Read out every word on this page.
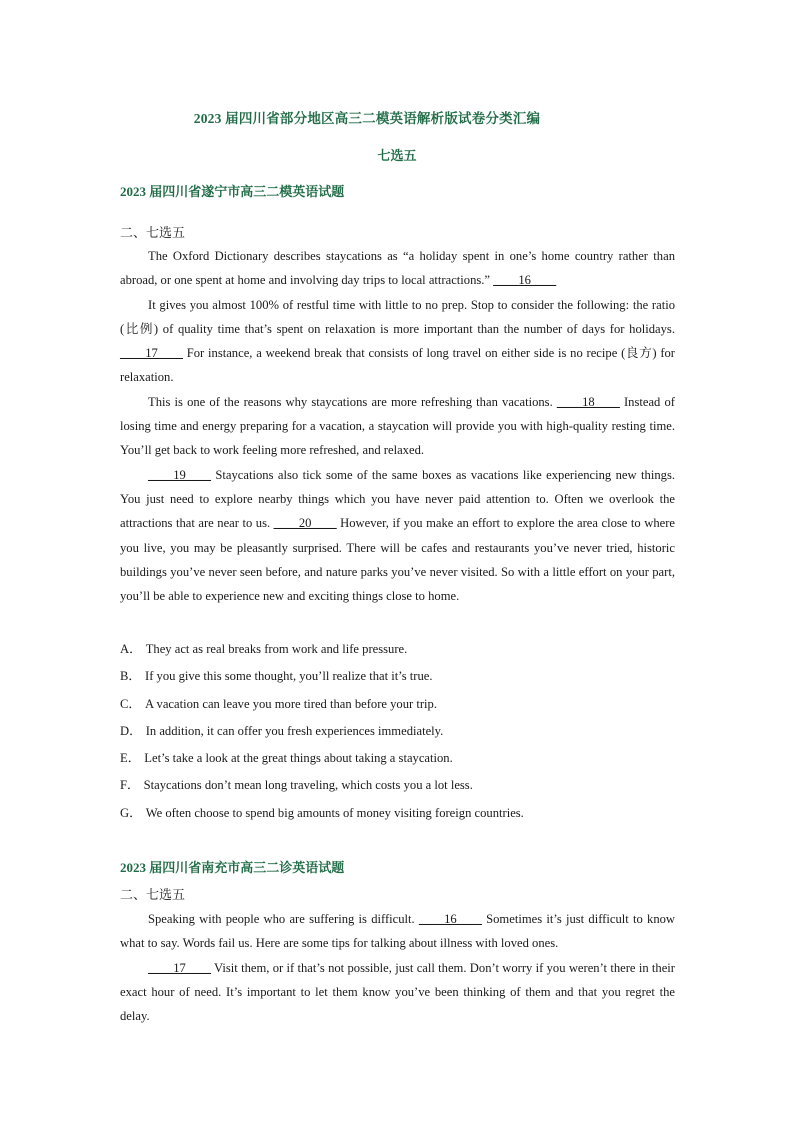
2023 届四川省部分地区高三二模英语解析版试卷分类汇编
七选五

2023 届四川省遂宁市高三二模英语试题

二、七选五

The Oxford Dictionary describes staycations as “a holiday spent in one’s home country rather than abroad, or one spent at home and involving day trips to local attractions.” ____16____

It gives you almost 100% of restful time with little to no prep. Stop to consider the following: the ratio (比例) of quality time that’s spent on relaxation is more important than the number of days for holidays. ____17____ For instance, a weekend break that consists of long travel on either side is no recipe (良方) for relaxation.

This is one of the reasons why staycations are more refreshing than vacations. ____18____ Instead of losing time and energy preparing for a vacation, a staycation will provide you with high-quality resting time. You’ll get back to work feeling more refreshed, and relaxed.

____19____ Staycations also tick some of the same boxes as vacations like experiencing new things. You just need to explore nearby things which you have never paid attention to. Often we overlook the attractions that are near to us. ____20____ However, if you make an effort to explore the area close to where you live, you may be pleasantly surprised. There will be cafes and restaurants you’ve never tried, historic buildings you’ve never seen before, and nature parks you’ve never visited. So with a little effort on your part, you’ll be able to experience new and exciting things close to home.

A． They act as real breaks from work and life pressure.

B． If you give this some thought, you’ll realize that it’s true.

C． A vacation can leave you more tired than before your trip.

D． In addition, it can offer you fresh experiences immediately.

E． Let’s take a look at the great things about taking a staycation.

F． Staycations don’t mean long traveling, which costs you a lot less.

G． We often choose to spend big amounts of money visiting foreign countries.

2023 届四川省南充市高三二诊英语试题

二、七选五

Speaking with people who are suffering is difficult. ____16____ Sometimes it’s just difficult to know what to say. Words fail us. Here are some tips for talking about illness with loved ones.

____17____ Visit them, or if that’s not possible, just call them. Don’t worry if you weren’t there in their exact hour of need. It’s important to let them know you’ve been thinking of them and that you regret the delay.
